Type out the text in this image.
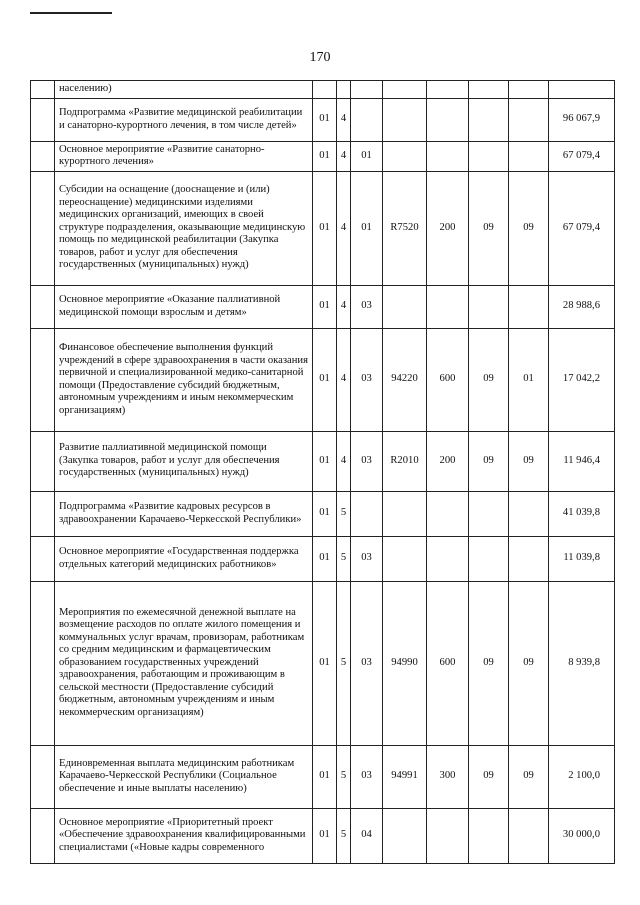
170
	населению)								
	Подпрограмма «Развитие медицинской реабилитации и санаторно-курортного лечения, в том числе детей»	01	4						96 067,9
	Основное мероприятие «Развитие санаторно-курортного лечения»	01	4	01					67 079,4
	Субсидии на оснащение (дооснащение и (или) переоснащение) медицинскими изделиями медицинских организаций, имеющих в своей структуре подразделения, оказывающие медицинскую помощь по медицинской реабилитации (Закупка товаров, работ и услуг для обеспечения государственных (муниципальных) нужд)	01	4	01	R7520	200	09	09	67 079,4
	Основное мероприятие «Оказание паллиативной медицинской помощи взрослым и детям»	01	4	03					28 988,6
	Финансовое обеспечение выполнения функций учреждений в сфере здравоохранения в части оказания первичной и специализированной медико-санитарной помощи (Предоставление субсидий бюджетным, автономным учреждениям и иным некоммерческим организациям)	01	4	03	94220	600	09	01	17 042,2
	Развитие паллиативной медицинской помощи (Закупка товаров, работ и услуг для обеспечения государственных (муниципальных) нужд)	01	4	03	R2010	200	09	09	11 946,4
	Подпрограмма «Развитие кадровых ресурсов в здравоохранении Карачаево-Черкесской Республики»	01	5						41 039,8
	Основное мероприятие «Государственная поддержка отдельных категорий медицинских работников»	01	5	03					11 039,8
	Мероприятия по ежемесячной денежной выплате на возмещение расходов по оплате жилого помещения и коммунальных услуг врачам, провизорам, работникам со средним медицинским и фармацевтическим образованием государственных учреждений здравоохранения, работающим и проживающим в сельской местности (Предоставление субсидий бюджетным, автономным учреждениям и иным некоммерческим организациям)	01	5	03	94990	600	09	09	8 939,8
	Единовременная выплата медицинским работникам Карачаево-Черкесской Республики (Социальное обеспечение и иные выплаты населению)	01	5	03	94991	300	09	09	2 100,0
	Основное мероприятие «Приоритетный проект «Обеспечение здравоохранения квалифицированными специалистами («Новые кадры современного	01	5	04					30 000,0
